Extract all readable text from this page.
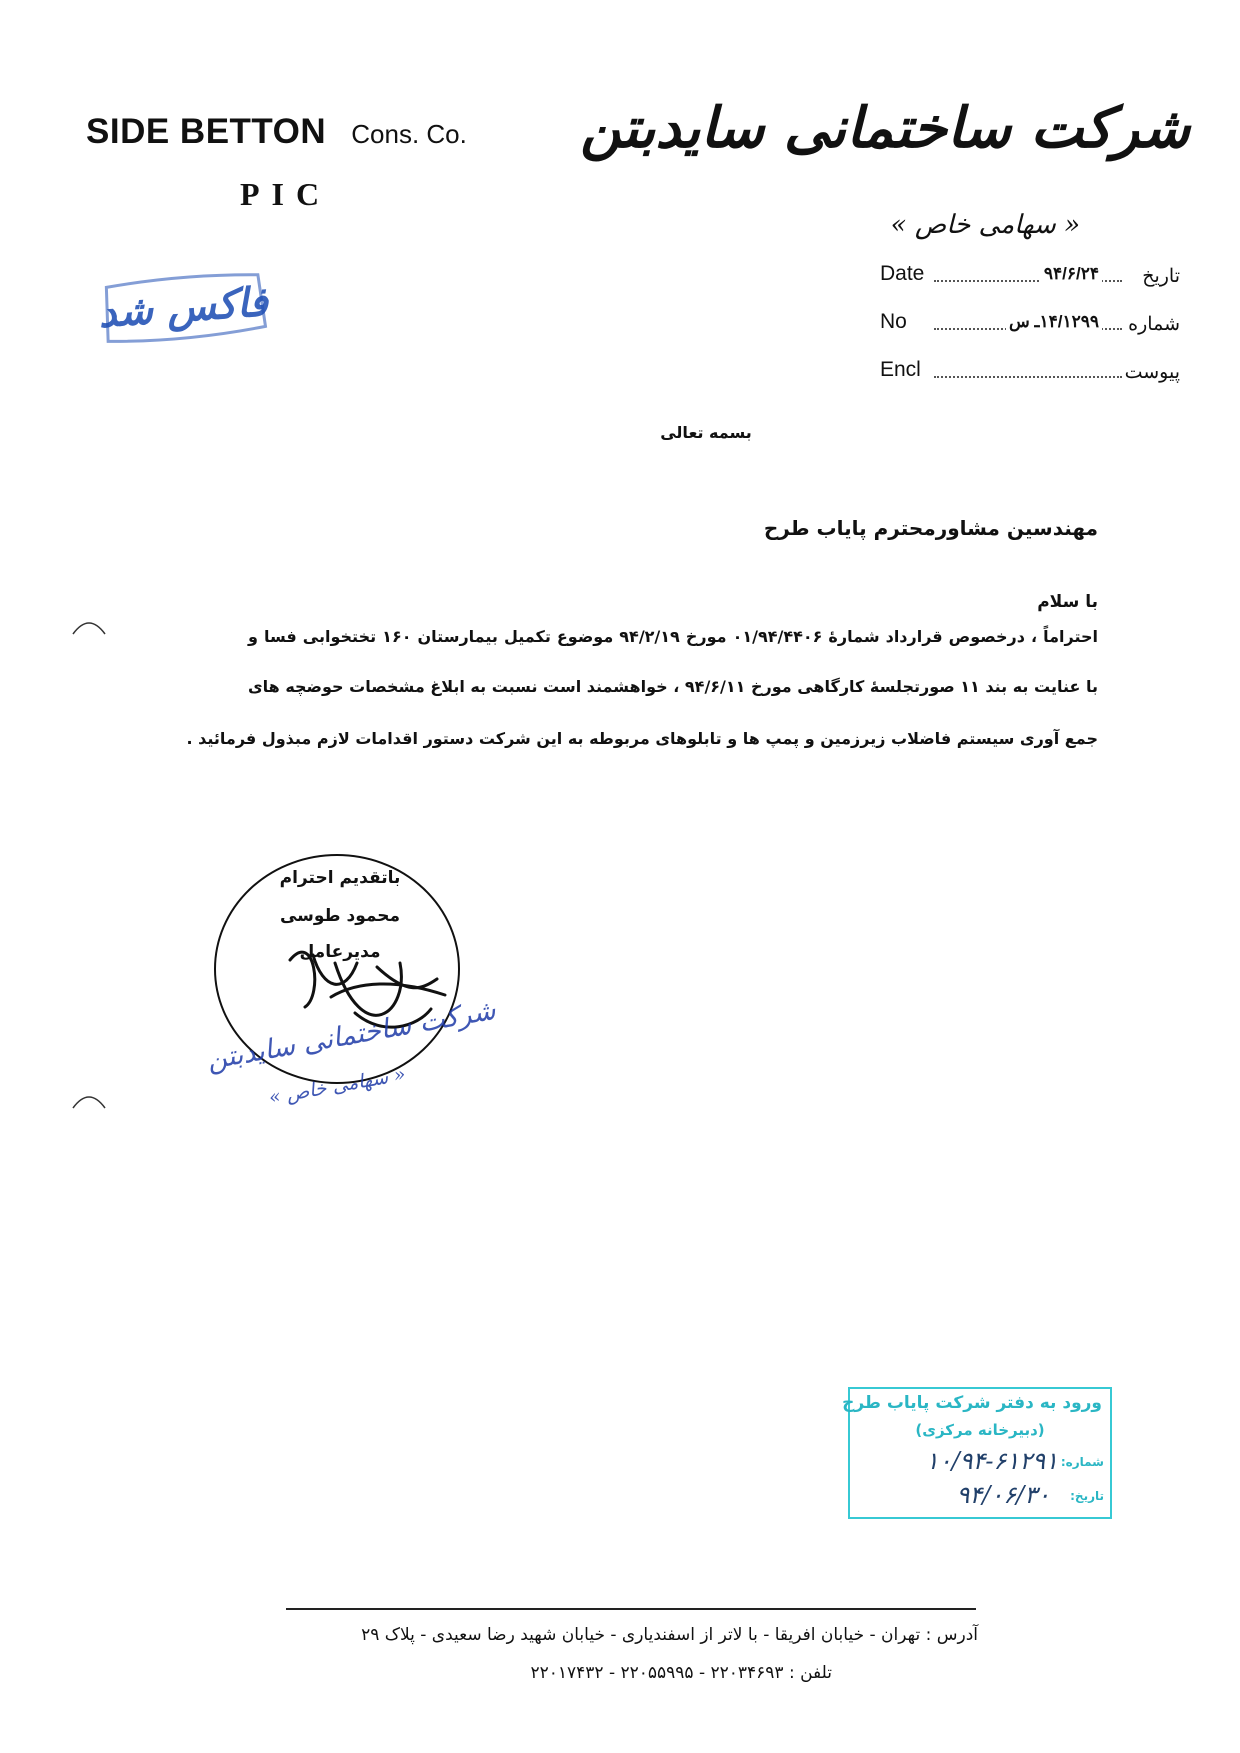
SIDE BETTON Cons. Co.
PIC
شرکت ساختمانی سایدبتن
« سهامی خاص »
Date	۹۴/۶/۲۴ تاریخ
No	۱۴/۱۲۹۹ـ س شماره
Encl	پیوست
فاکس شد
بسمه تعالی
مهندسین مشاورمحترم پایاب طرح
با سلام
احتراماً ، درخصوص قرارداد شمارۀ ۰۱/۹۴/۴۴۰۶ مورخ ۹۴/۲/۱۹ موضوع تکمیل بیمارستان ۱۶۰ تختخوابی فسا و
با عنایت به بند ۱۱ صورتجلسۀ کارگاهی مورخ ۹۴/۶/۱۱ ، خواهشمند است نسبت به ابلاغ مشخصات حوضچه های
جمع آوری سیستم فاضلاب زیرزمین و پمپ ها و تابلوهای مربوطه به این شرکت دستور اقدامات لازم مبذول فرمائید .
باتقدیم احترام
محمود طوسی
مدیرعامل
شرکت ساختمانی سایدبتن
« سهامی خاص »
ورود به دفتر شرکت پایاب طرح
(دبیرخانه مرکزی)
شماره:
۱۰/۹۴-۶۱۲۹۱
تاریخ:
۹۴/۰۶/۳۰
آدرس : تهران - خیابان افریقا - با لاتر از اسفندیاری - خیابان شهید رضا سعیدی - پلاک ۲۹
تلفن : ۲۲۰۳۴۶۹۳ - ۲۲۰۵۵۹۹۵ - ۲۲۰۱۷۴۳۲
